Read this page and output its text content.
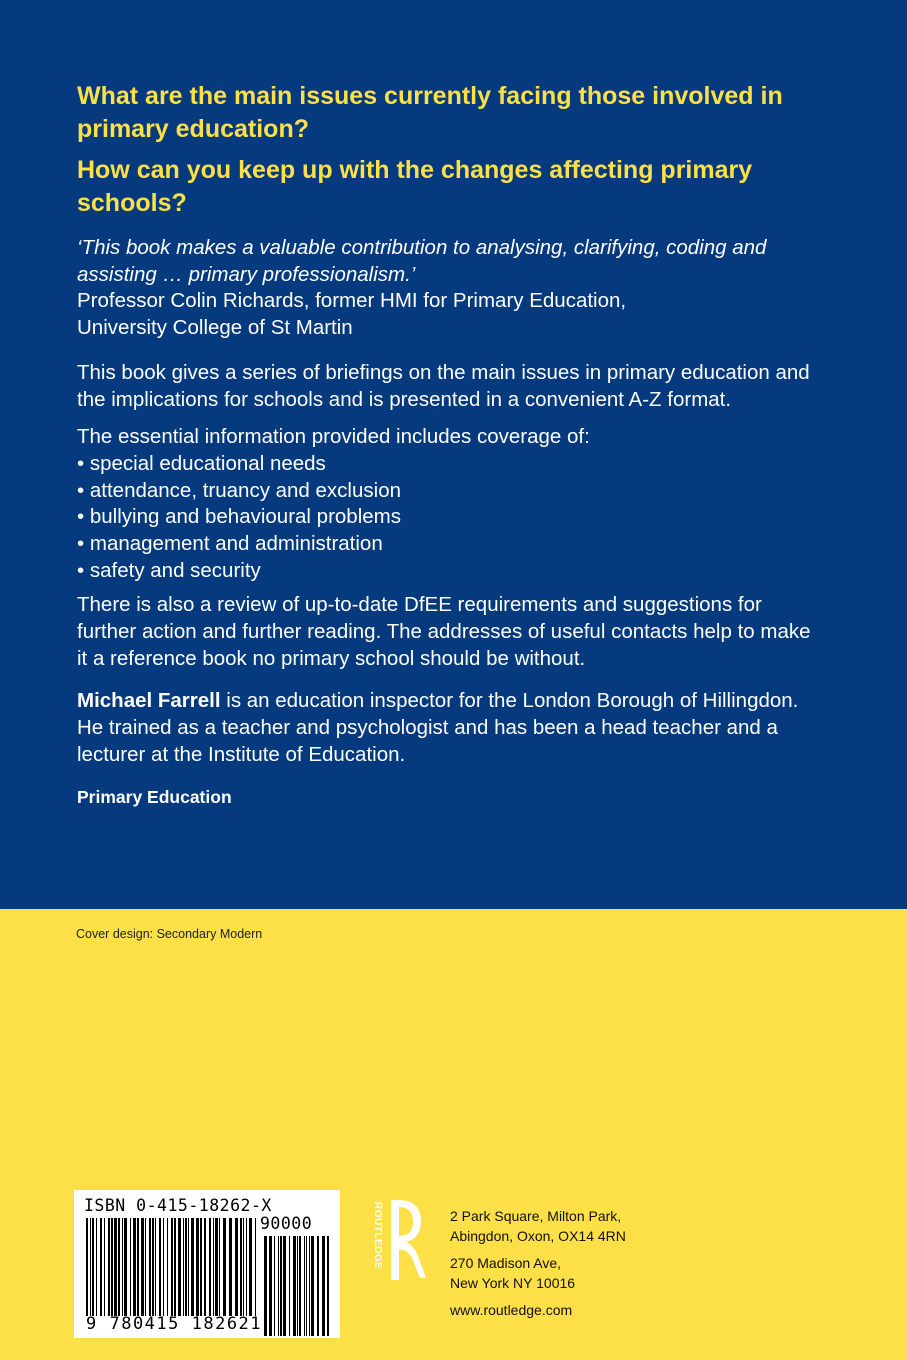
What are the main issues currently facing those involved in primary education?

How can you keep up with the changes affecting primary schools?

‘This book makes a valuable contribution to analysing, clarifying, coding and assisting … primary professionalism.’
Professor Colin Richards, former HMI for Primary Education,
University College of St Martin

This book gives a series of briefings on the main issues in primary education and the implications for schools and is presented in a convenient A-Z format.

The essential information provided includes coverage of:
• special educational needs
• attendance, truancy and exclusion
• bullying and behavioural problems
• management and administration
• safety and security

There is also a review of up-to-date DfEE requirements and suggestions for further action and further reading. The addresses of useful contacts help to make it a reference book no primary school should be without.

Michael Farrell is an education inspector for the London Borough of Hillingdon. He trained as a teacher and psychologist and has been a head teacher and a lecturer at the Institute of Education.

Primary Education
Cover design: Secondary Modern
ISBN 0-415-18262-X
90000
9 780415 182621
ROUTLEDGE	2 Park Square, Milton Park,
Abingdon, Oxon, OX14 4RN
270 Madison Ave,
New York NY 10016
www.routledge.com
